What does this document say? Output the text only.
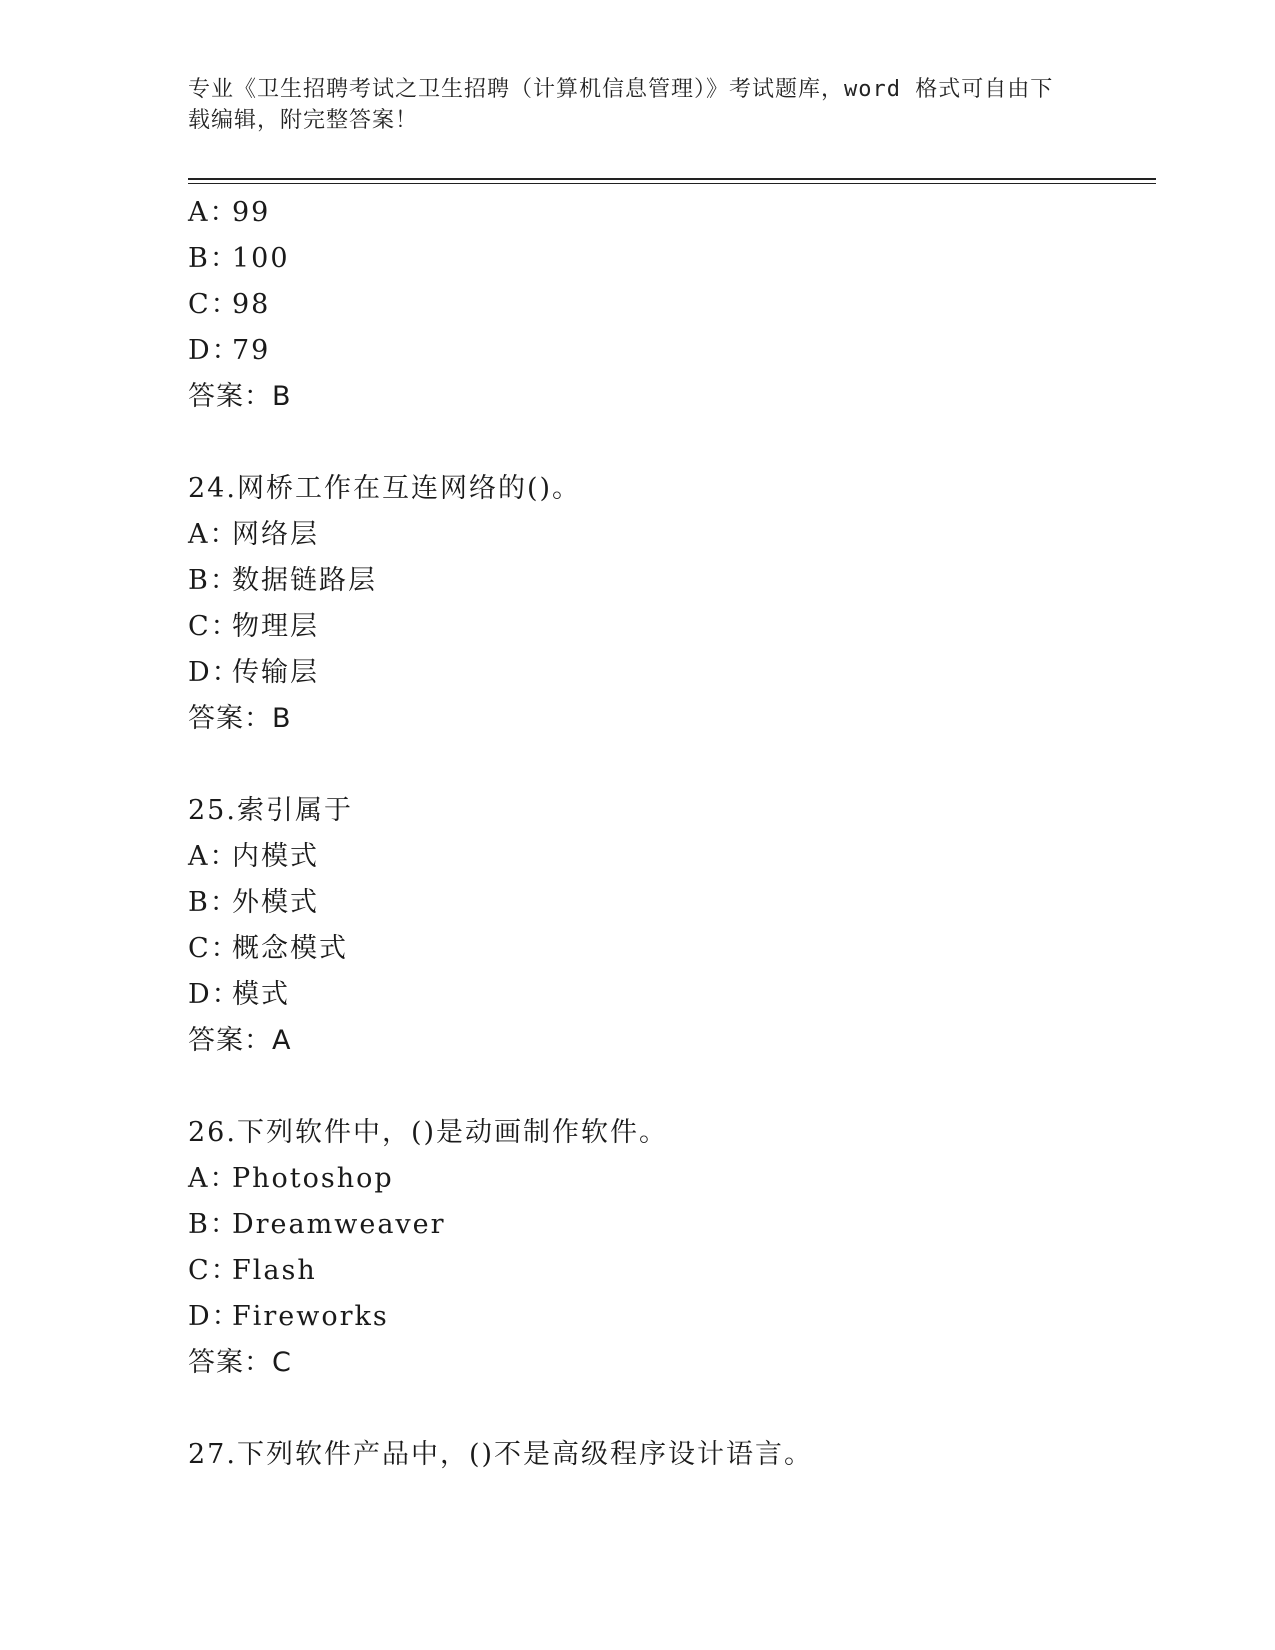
专业《卫生招聘考试之卫生招聘（计算机信息管理）》考试题库，word 格式可自由下载编辑，附完整答案！
A：99
B：100
C：98
D：79
答案：B
24.网桥工作在互连网络的()。
A：网络层
B：数据链路层
C：物理层
D：传输层
答案：B
25.索引属于
A：内模式
B：外模式
C：概念模式
D：模式
答案：A
26.下列软件中，()是动画制作软件。
A：Photoshop
B：Dreamweaver
C：Flash
D：Fireworks
答案：C
27.下列软件产品中，()不是高级程序设计语言。
